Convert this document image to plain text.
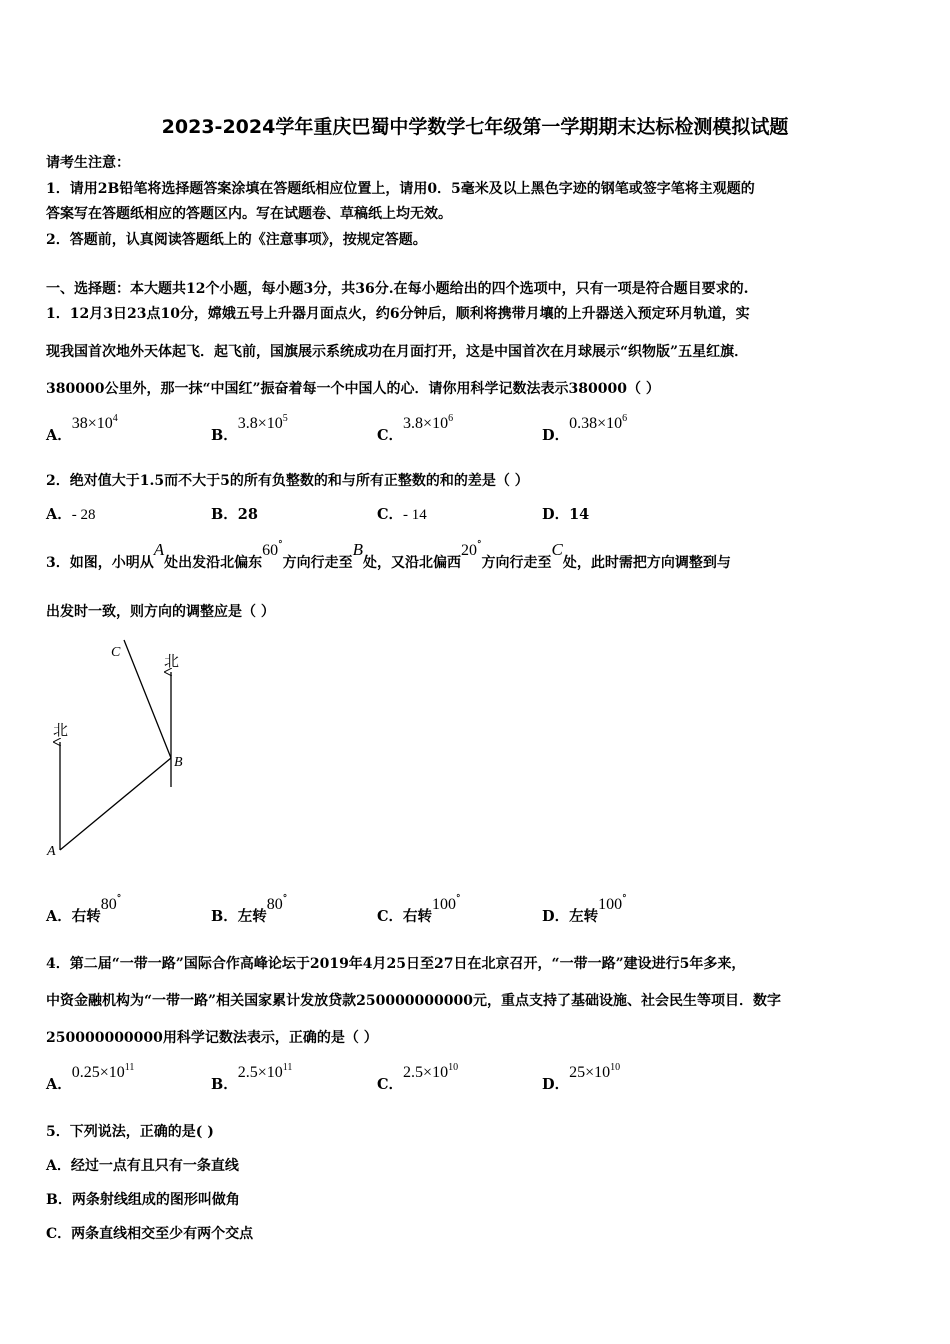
2023-2024学年重庆巴蜀中学数学七年级第一学期期末达标检测模拟试题
请考生注意：
1．请用2B铅笔将选择题答案涂填在答题纸相应位置上，请用0．5毫米及以上黑色字迹的钢笔或签字笔将主观题的
答案写在答题纸相应的答题区内。写在试题卷、草稿纸上均无效。
2．答题前，认真阅读答题纸上的《注意事项》，按规定答题。
一、选择题：本大题共12个小题，每小题3分，共36分.在每小题给出的四个选项中，只有一项是符合题目要求的.
1．12月3日23点10分，嫦娥五号上升器月面点火，约6分钟后，顺利将携带月壤的上升器送入预定环月轨道，实
现我国首次地外天体起飞．起飞前，国旗展示系统成功在月面打开，这是中国首次在月球展示“织物版”五星红旗．
380000公里外，那一抹“中国红”振奋着每一个中国人的心．请你用科学记数法表示380000（ ）
A．$38\times 10^4$
B．$3.8\times 10^5$
C．$3.8\times 10^6$
D．$0.38\times 10^6$
2．绝对值大于1.5而不大于5的所有负整数的和与所有正整数的和的差是（ ）
A．- 28	B．28	C．- 14	D．14
3．如图，小明从A处出发沿北偏东60°方向行走至B处，又沿北偏西20°方向行走至C处，此时需把方向调整到与
出发时一致，则方向的调整应是（ ）
北
北
A
B
C
A．右转80°
B．左转80°
C．右转100°
D．左转100°
4．第二届“一带一路”国际合作高峰论坛于2019年4月25日至27日在北京召开，“一带一路”建设进行5年多来，
中资金融机构为“一带一路”相关国家累计发放贷款250000000000元，重点支持了基础设施、社会民生等项目．数字
250000000000用科学记数法表示，正确的是（ ）
A．$0.25\times 10^{11}$
B．$2.5\times 10^{11}$
C．$2.5\times 10^{10}$
D．$25\times 10^{10}$
5．下列说法，正确的是( )
A．经过一点有且只有一条直线
B．两条射线组成的图形叫做角
C．两条直线相交至少有两个交点
